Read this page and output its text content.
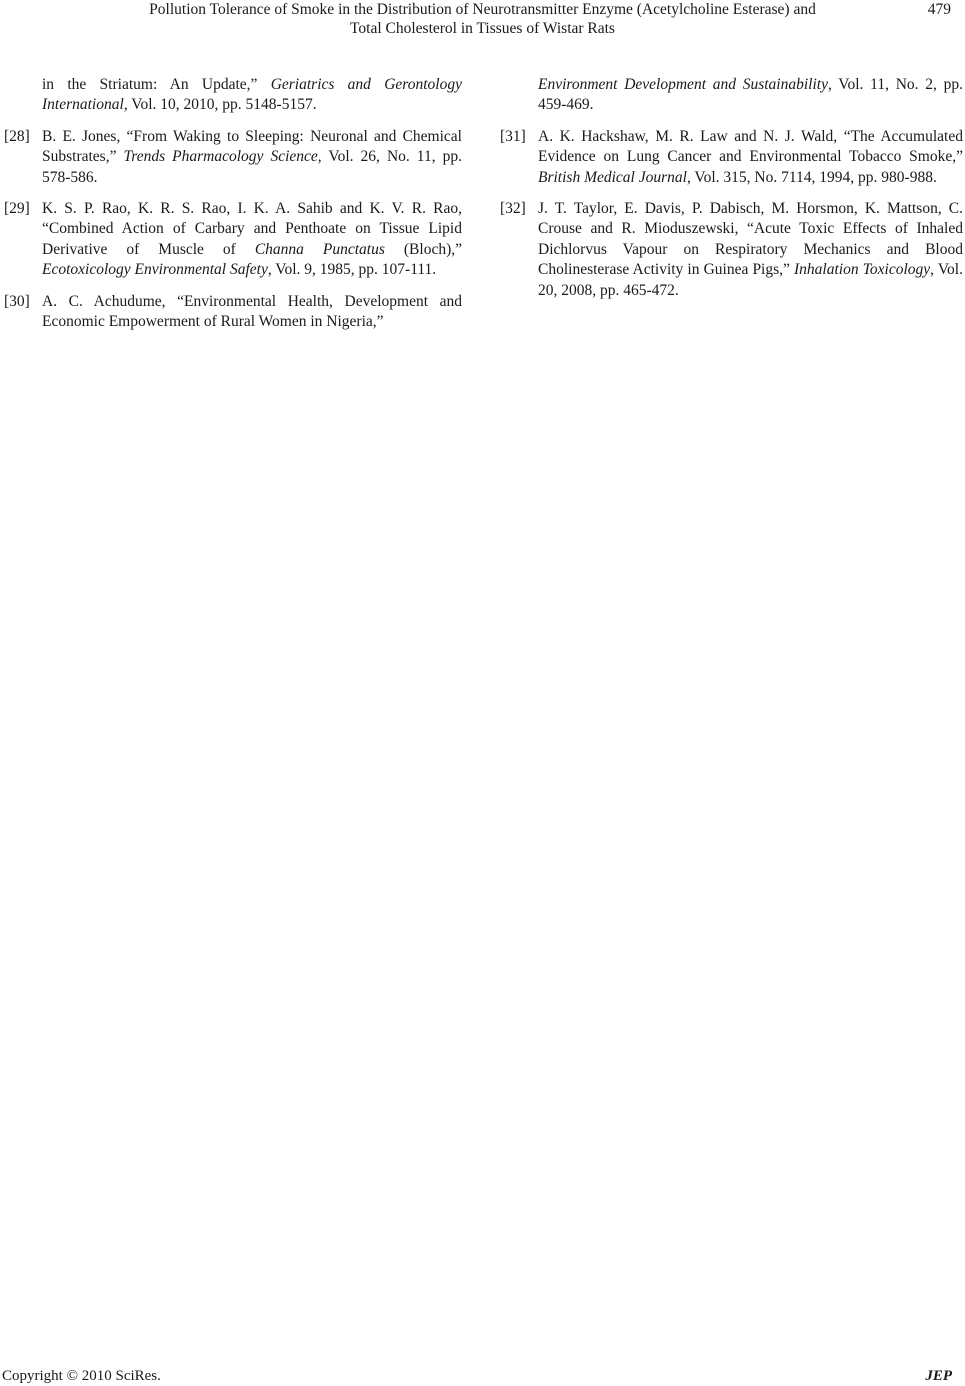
Pollution Tolerance of Smoke in the Distribution of Neurotransmitter Enzyme (Acetylcholine Esterase) and
Total Cholesterol in Tissues of Wistar Rats
479
in the Striatum: An Update,” Geriatrics and Gerontology International, Vol. 10, 2010, pp. 5148-5157.
[28] B. E. Jones, “From Waking to Sleeping: Neuronal and Chemical Substrates,” Trends Pharmacology Science, Vol. 26, No. 11, pp. 578-586.
[29] K. S. P. Rao, K. R. S. Rao, I. K. A. Sahib and K. V. R. Rao, “Combined Action of Carbary and Penthoate on Tissue Lipid Derivative of Muscle of Channa Punctatus (Bloch),” Ecotoxicology Environmental Safety, Vol. 9, 1985, pp. 107-111.
[30] A. C. Achudume, “Environmental Health, Development and Economic Empowerment of Rural Women in Nigeria,”
Environment Development and Sustainability, Vol. 11, No. 2, pp. 459-469.
[31] A. K. Hackshaw, M. R. Law and N. J. Wald, “The Accumulated Evidence on Lung Cancer and Environmental Tobacco Smoke,” British Medical Journal, Vol. 315, No. 7114, 1994, pp. 980-988.
[32] J. T. Taylor, E. Davis, P. Dabisch, M. Horsmon, K. Mattson, C. Crouse and R. Mioduszewski, “Acute Toxic Effects of Inhaled Dichlorvus Vapour on Respiratory Mechanics and Blood Cholinesterase Activity in Guinea Pigs,” Inhalation Toxicology, Vol. 20, 2008, pp. 465-472.
Copyright © 2010 SciRes.	JEP
